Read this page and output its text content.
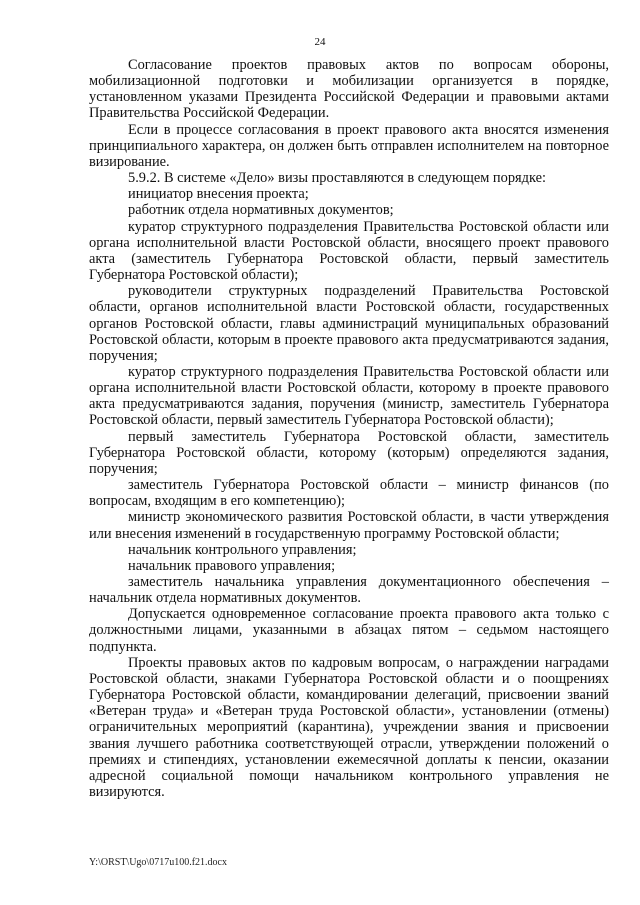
24

Согласование проектов правовых актов по вопросам обороны, мобилизационной подготовки и мобилизации организуется в порядке, установленном указами Президента Российской Федерации и правовыми актами Правительства Российской Федерации.

Если в процессе согласования в проект правового акта вносятся изменения принципиального характера, он должен быть отправлен исполнителем на повторное визирование.

5.9.2. В системе «Дело» визы проставляются в следующем порядке:

инициатор внесения проекта;

работник отдела нормативных документов;

куратор структурного подразделения Правительства Ростовской области или органа исполнительной власти Ростовской области, вносящего проект правового акта (заместитель Губернатора Ростовской области, первый заместитель Губернатора Ростовской области);

руководители структурных подразделений Правительства Ростовской области, органов исполнительной власти Ростовской области, государственных органов Ростовской области, главы администраций муниципальных образований Ростовской области, которым в проекте правового акта предусматриваются задания, поручения;

куратор структурного подразделения Правительства Ростовской области или органа исполнительной власти Ростовской области, которому в проекте правового акта предусматриваются задания, поручения (министр, заместитель Губернатора Ростовской области, первый заместитель Губернатора Ростовской области);

первый заместитель Губернатора Ростовской области, заместитель Губернатора Ростовской области, которому (которым) определяются задания, поручения;

заместитель Губернатора Ростовской области – министр финансов (по вопросам, входящим в его компетенцию);

министр экономического развития Ростовской области, в части утверждения или внесения изменений в государственную программу Ростовской области;

начальник контрольного управления;

начальник правового управления;

заместитель начальника управления документационного обеспечения – начальник отдела нормативных документов.

Допускается одновременное согласование проекта правового акта только с должностными лицами, указанными в абзацах пятом – седьмом настоящего подпункта.

Проекты правовых актов по кадровым вопросам, о награждении наградами Ростовской области, знаками Губернатора Ростовской области и о поощрениях Губернатора Ростовской области, командировании делегаций, присвоении званий «Ветеран труда» и «Ветеран труда Ростовской области», установлении (отмены) ограничительных мероприятий (карантина), учреждении звания и присвоении звания лучшего работника соответствующей отрасли, утверждении положений о премиях и стипендиях, установлении ежемесячной доплаты к пенсии, оказании адресной социальной помощи начальником контрольного управления не визируются.

Y:\ORST\Ugo\0717u100.f21.docx
